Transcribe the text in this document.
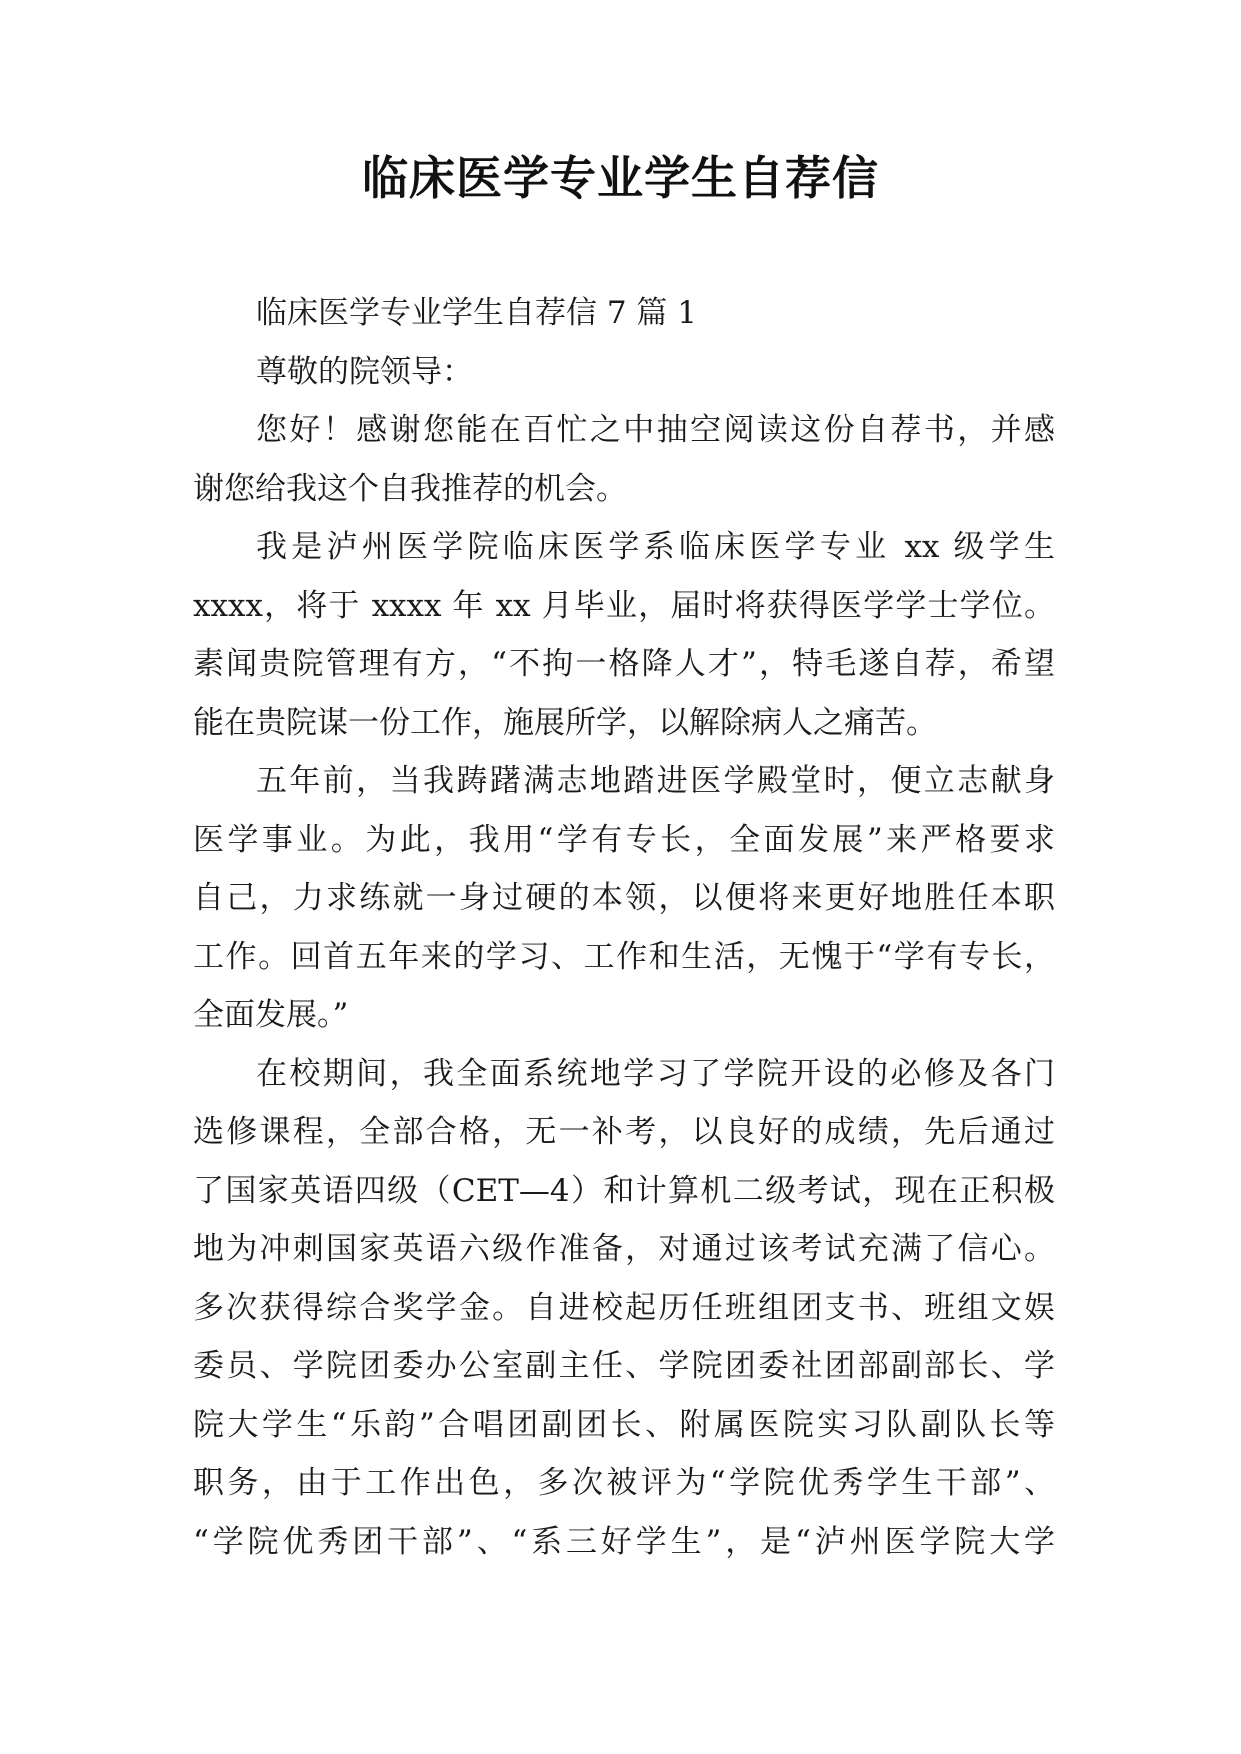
临床医学专业学生自荐信
临床医学专业学生自荐信 7 篇 1
尊敬的院领导：
您好！感谢您能在百忙之中抽空阅读这份自荐书，并感
谢您给我这个自我推荐的机会。
我是泸州医学院临床医学系临床医学专业 xx 级学生
xxxx，将于 xxxx 年 xx 月毕业，届时将获得医学学士学位。
素闻贵院管理有方，“不拘一格降人才”，特毛遂自荐，希望
能在贵院谋一份工作，施展所学，以解除病人之痛苦。
五年前，当我踌躇满志地踏进医学殿堂时，便立志献身
医学事业。为此，我用“学有专长，全面发展”来严格要求
自己，力求练就一身过硬的本领，以便将来更好地胜任本职
工作。回首五年来的学习、工作和生活，无愧于“学有专长，
全面发展。”
在校期间，我全面系统地学习了学院开设的必修及各门
选修课程，全部合格，无一补考，以良好的成绩，先后通过
了国家英语四级（CET—4）和计算机二级考试，现在正积极
地为冲刺国家英语六级作准备，对通过该考试充满了信心。
多次获得综合奖学金。自进校起历任班组团支书、班组文娱
委员、学院团委办公室副主任、学院团委社团部副部长、学
院大学生“乐韵”合唱团副团长、附属医院实习队副队长等
职务，由于工作出色，多次被评为“学院优秀学生干部”、
“学院优秀团干部”、“系三好学生”，是“泸州医学院大学
